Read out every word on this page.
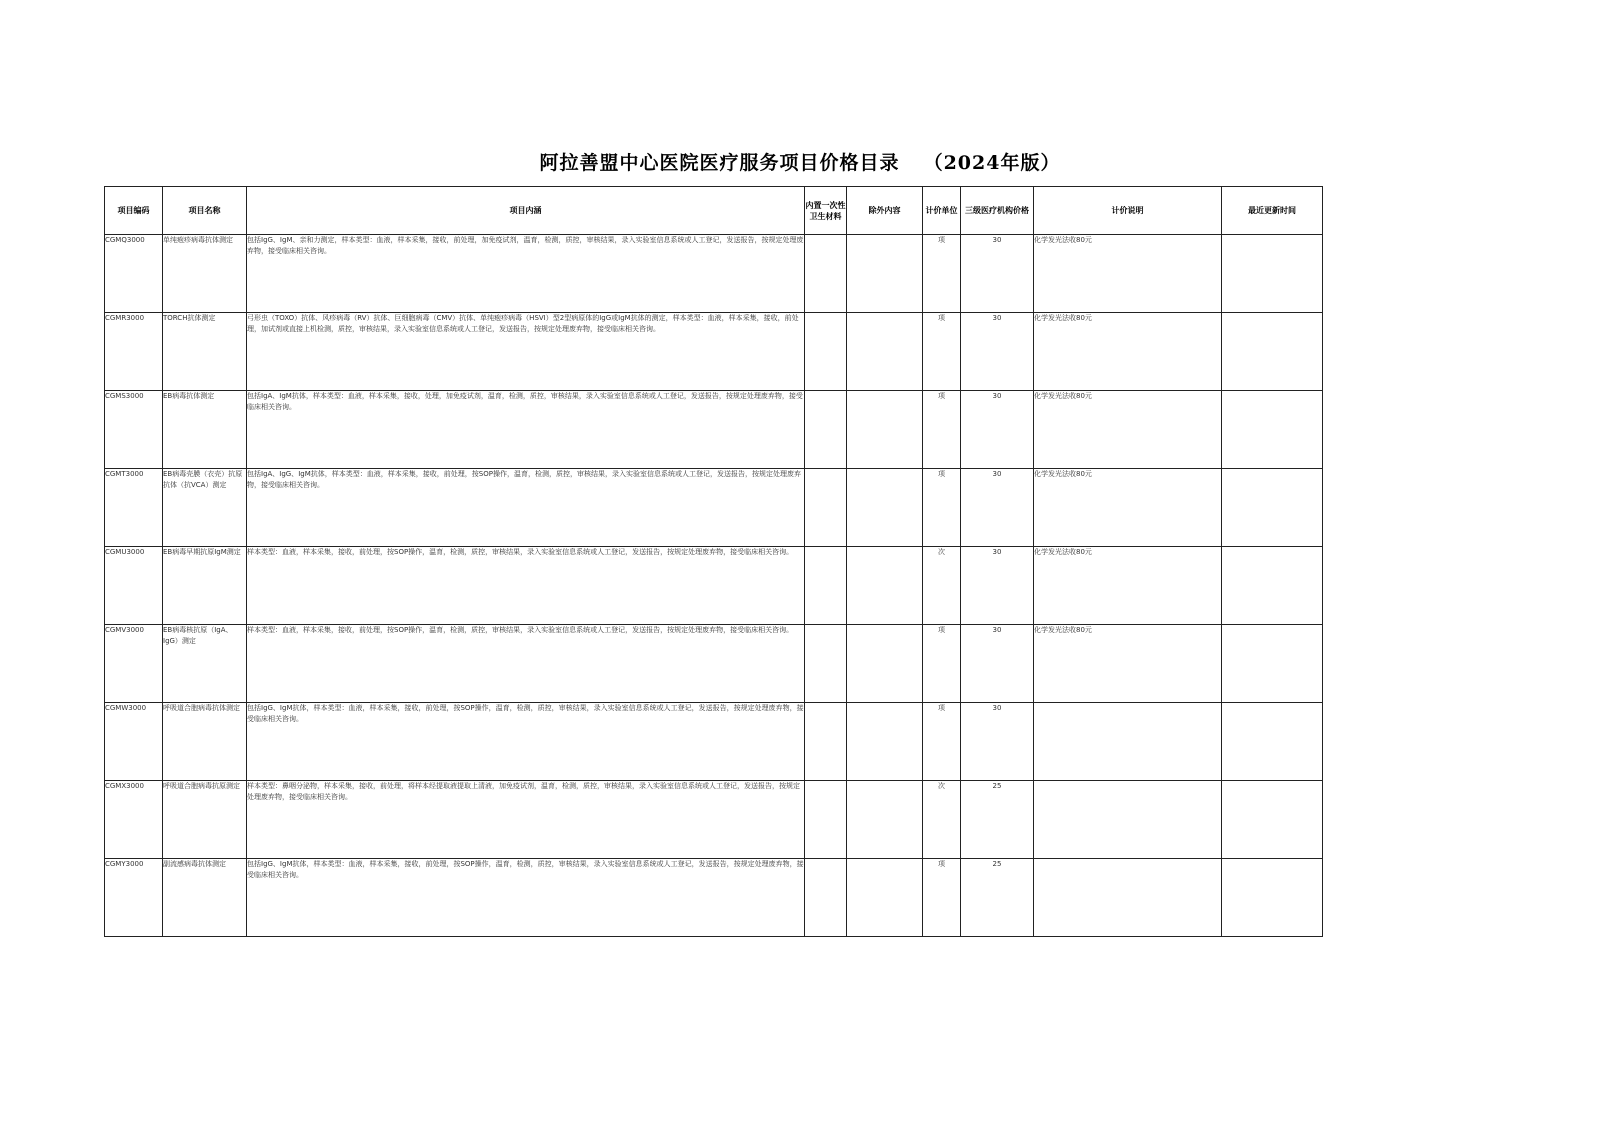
阿拉善盟中心医院医疗服务项目价格目录 （2024年版）
项目编码	项目名称	项目内涵	内置一次性卫生材料	除外内容	计价单位	三级医疗机构价格	计价说明	最近更新时间
CGMQ3000	单纯疱疹病毒抗体测定	包括IgG、IgM、亲和力测定，样本类型：血液，样本采集，接收，前处理，加免疫试剂，温育，检测，质控，审核结果，录入实验室信息系统或人工登记，发送报告，按规定处理废弃物，接受临床相关咨询。			项	30	化学发光法收80元	
CGMR3000	TORCH抗体测定	弓形虫（TOXO）抗体、风疹病毒（RV）抗体、巨细胞病毒（CMV）抗体、单纯疱疹病毒（HSVⅠ）型2型病原体的IgG或IgM抗体的测定，样本类型：血液，样本采集，接收，前处理，加试剂或直接上机检测，质控，审核结果，录入实验室信息系统或人工登记，发送报告，按规定处理废弃物，接受临床相关咨询。			项	30	化学发光法收80元	
CGMS3000	EB病毒抗体测定	包括IgA、IgM抗体，样本类型：血液，样本采集，接收，处理，加免疫试剂，温育，检测，质控，审核结果，录入实验室信息系统或人工登记，发送报告，按规定处理废弃物，接受临床相关咨询。			项	30	化学发光法收80元	
CGMT3000	EB病毒壳膜（衣壳）抗原抗体（抗VCA）测定	包括IgA、IgG、IgM抗体，样本类型：血液，样本采集，接收，前处理，按SOP操作，温育，检测，质控，审核结果，录入实验室信息系统或人工登记，发送报告，按规定处理废弃物，接受临床相关咨询。			项	30	化学发光法收80元	
CGMU3000	EB病毒早期抗原IgM测定	样本类型：血液，样本采集，接收，前处理，按SOP操作，温育，检测，质控，审核结果，录入实验室信息系统或人工登记，发送报告，按规定处理废弃物，接受临床相关咨询。			次	30	化学发光法收80元	
CGMV3000	EB病毒核抗原（IgA、IgG）测定	样本类型：血液，样本采集，接收，前处理，按SOP操作，温育，检测，质控，审核结果，录入实验室信息系统或人工登记，发送报告，按规定处理废弃物，接受临床相关咨询。			项	30	化学发光法收80元	
CGMW3000	呼吸道合胞病毒抗体测定	包括IgG、IgM抗体，样本类型：血液，样本采集，接收，前处理，按SOP操作，温育，检测，质控，审核结果，录入实验室信息系统或人工登记，发送报告，按规定处理废弃物，接受临床相关咨询。			项	30		
CGMX3000	呼吸道合胞病毒抗原测定	样本类型：鼻咽分泌物，样本采集，接收，前处理，将样本经提取液提取上清液，加免疫试剂，温育，检测，质控，审核结果，录入实验室信息系统或人工登记，发送报告，按规定处理废弃物，接受临床相关咨询。			次	25		
CGMY3000	副流感病毒抗体测定	包括IgG、IgM抗体，样本类型：血液，样本采集，接收，前处理，按SOP操作，温育，检测，质控，审核结果，录入实验室信息系统或人工登记，发送报告，按规定处理废弃物，接受临床相关咨询。			项	25		
